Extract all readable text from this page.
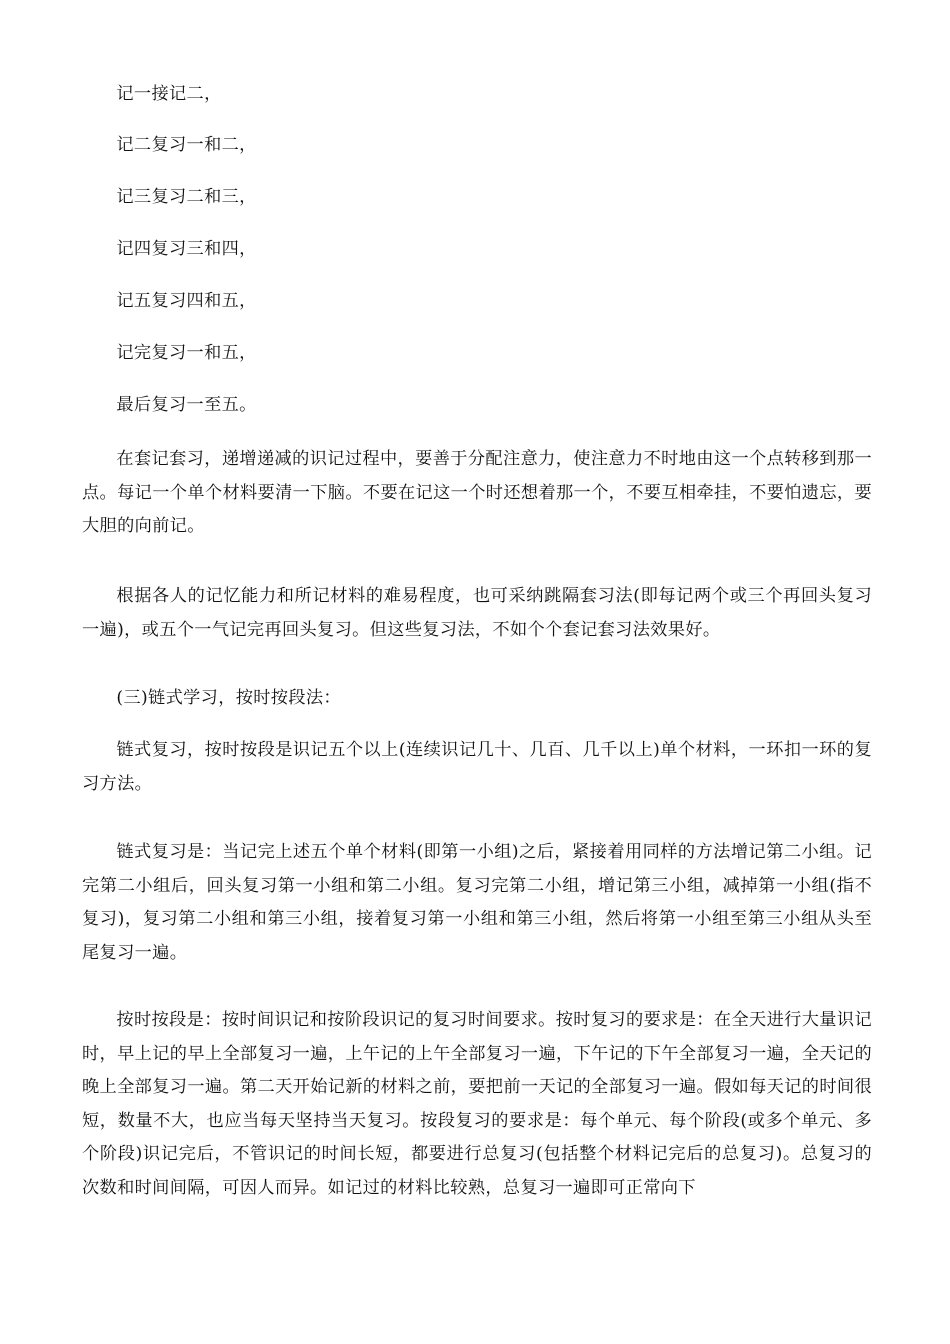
记一接记二，

记二复习一和二，

记三复习二和三，

记四复习三和四，

记五复习四和五，

记完复习一和五，

最后复习一至五。

在套记套习，递增递减的识记过程中，要善于分配注意力，使注意力不时地由这一个点转移到那一点。每记一个单个材料要清一下脑。不要在记这一个时还想着那一个，不要互相牵挂，不要怕遗忘，要大胆的向前记。

根据各人的记忆能力和所记材料的难易程度，也可采纳跳隔套习法(即每记两个或三个再回头复习一遍)，或五个一气记完再回头复习。但这些复习法，不如个个套记套习法效果好。

(三)链式学习，按时按段法：

链式复习，按时按段是识记五个以上(连续识记几十、几百、几千以上)单个材料，一环扣一环的复习方法。

链式复习是：当记完上述五个单个材料(即第一小组)之后，紧接着用同样的方法增记第二小组。记完第二小组后，回头复习第一小组和第二小组。复习完第二小组，增记第三小组，减掉第一小组(指不复习)，复习第二小组和第三小组，接着复习第一小组和第三小组，然后将第一小组至第三小组从头至尾复习一遍。

按时按段是：按时间识记和按阶段识记的复习时间要求。按时复习的要求是：在全天进行大量识记时，早上记的早上全部复习一遍，上午记的上午全部复习一遍，下午记的下午全部复习一遍，全天记的晚上全部复习一遍。第二天开始记新的材料之前，要把前一天记的全部复习一遍。假如每天记的时间很短，数量不大，也应当每天坚持当天复习。按段复习的要求是：每个单元、每个阶段(或多个单元、多个阶段)识记完后，不管识记的时间长短，都要进行总复习(包括整个材料记完后的总复习)。总复习的次数和时间间隔，可因人而异。如记过的材料比较熟，总复习一遍即可正常向下
